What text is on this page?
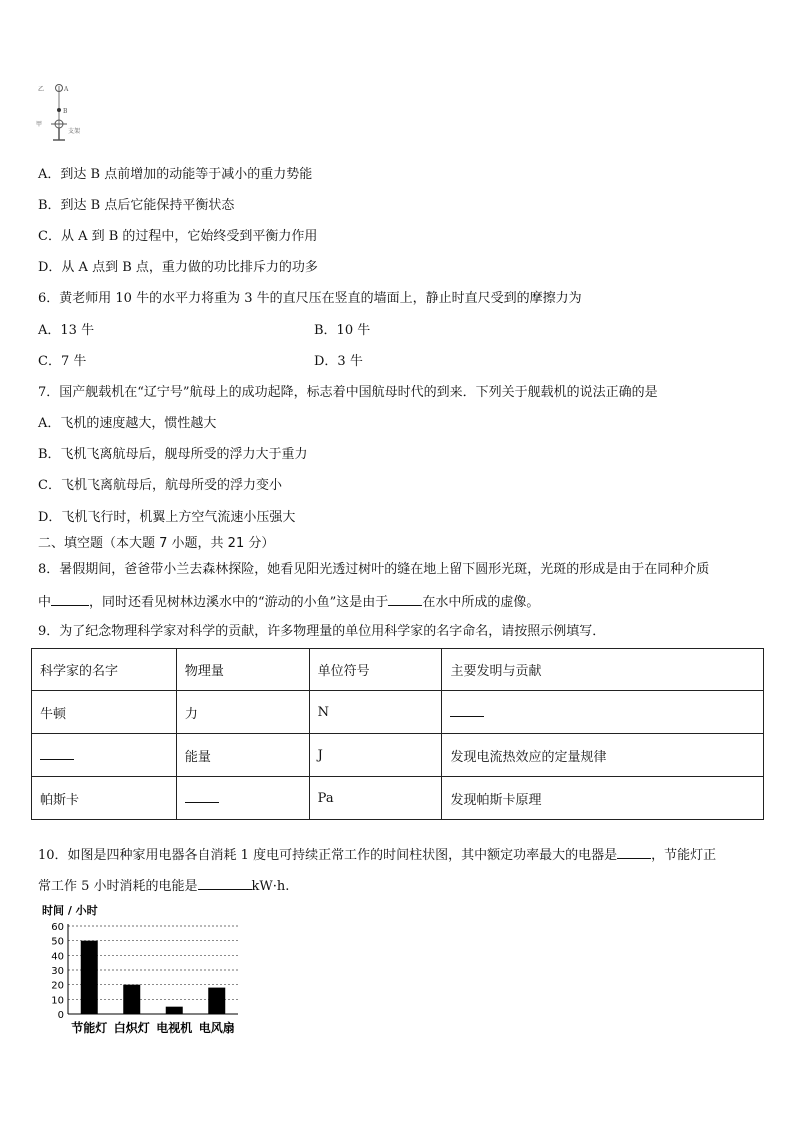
乙	A
B
甲
支架
A．到达 B 点前增加的动能等于减小的重力势能
B．到达 B 点后它能保持平衡状态
C．从 A 到 B 的过程中，它始终受到平衡力作用
D．从 A 点到 B 点，重力做的功比排斥力的功多
6．黄老师用 10 牛的水平力将重为 3 牛的直尺压在竖直的墙面上，静止时直尺受到的摩擦力为
A．13 牛	B．10 牛
C．7 牛	D．3 牛
7．国产舰载机在“辽宁号”航母上的成功起降，标志着中国航母时代的到来．下列关于舰载机的说法正确的是
A．飞机的速度越大，惯性越大
B．飞机飞离航母后，舰母所受的浮力大于重力
C．飞机飞离航母后，航母所受的浮力变小
D．飞机飞行时，机翼上方空气流速小压强大
二、填空题（本大题 7 小题，共 21 分）
8．暑假期间，爸爸带小兰去森林探险，她看见阳光透过树叶的缝在地上留下圆形光斑，光斑的形成是由于在同种介质
中	，同时还看见树林边溪水中的“游动的小鱼”这是由于	在水中所成的虚像。
9．为了纪念物理科学家对科学的贡献，许多物理量的单位用科学家的名字命名，请按照示例填写．
科学家的名字	物理量	单位符号	主要发明与贡献
牛顿	力	N	
	能量	J	发现电流热效应的定量规律
帕斯卡		Pa	发现帕斯卡原理
10．如图是四种家用电器各自消耗 1 度电可持续正常工作的时间柱状图，其中额定功率最大的电器是	，节能灯正
常工作 5 小时消耗的电能是	kW·h.
时间 / 小时
0
10
20
30
40
50
60
节能灯 白炽灯 电视机 电风扇
